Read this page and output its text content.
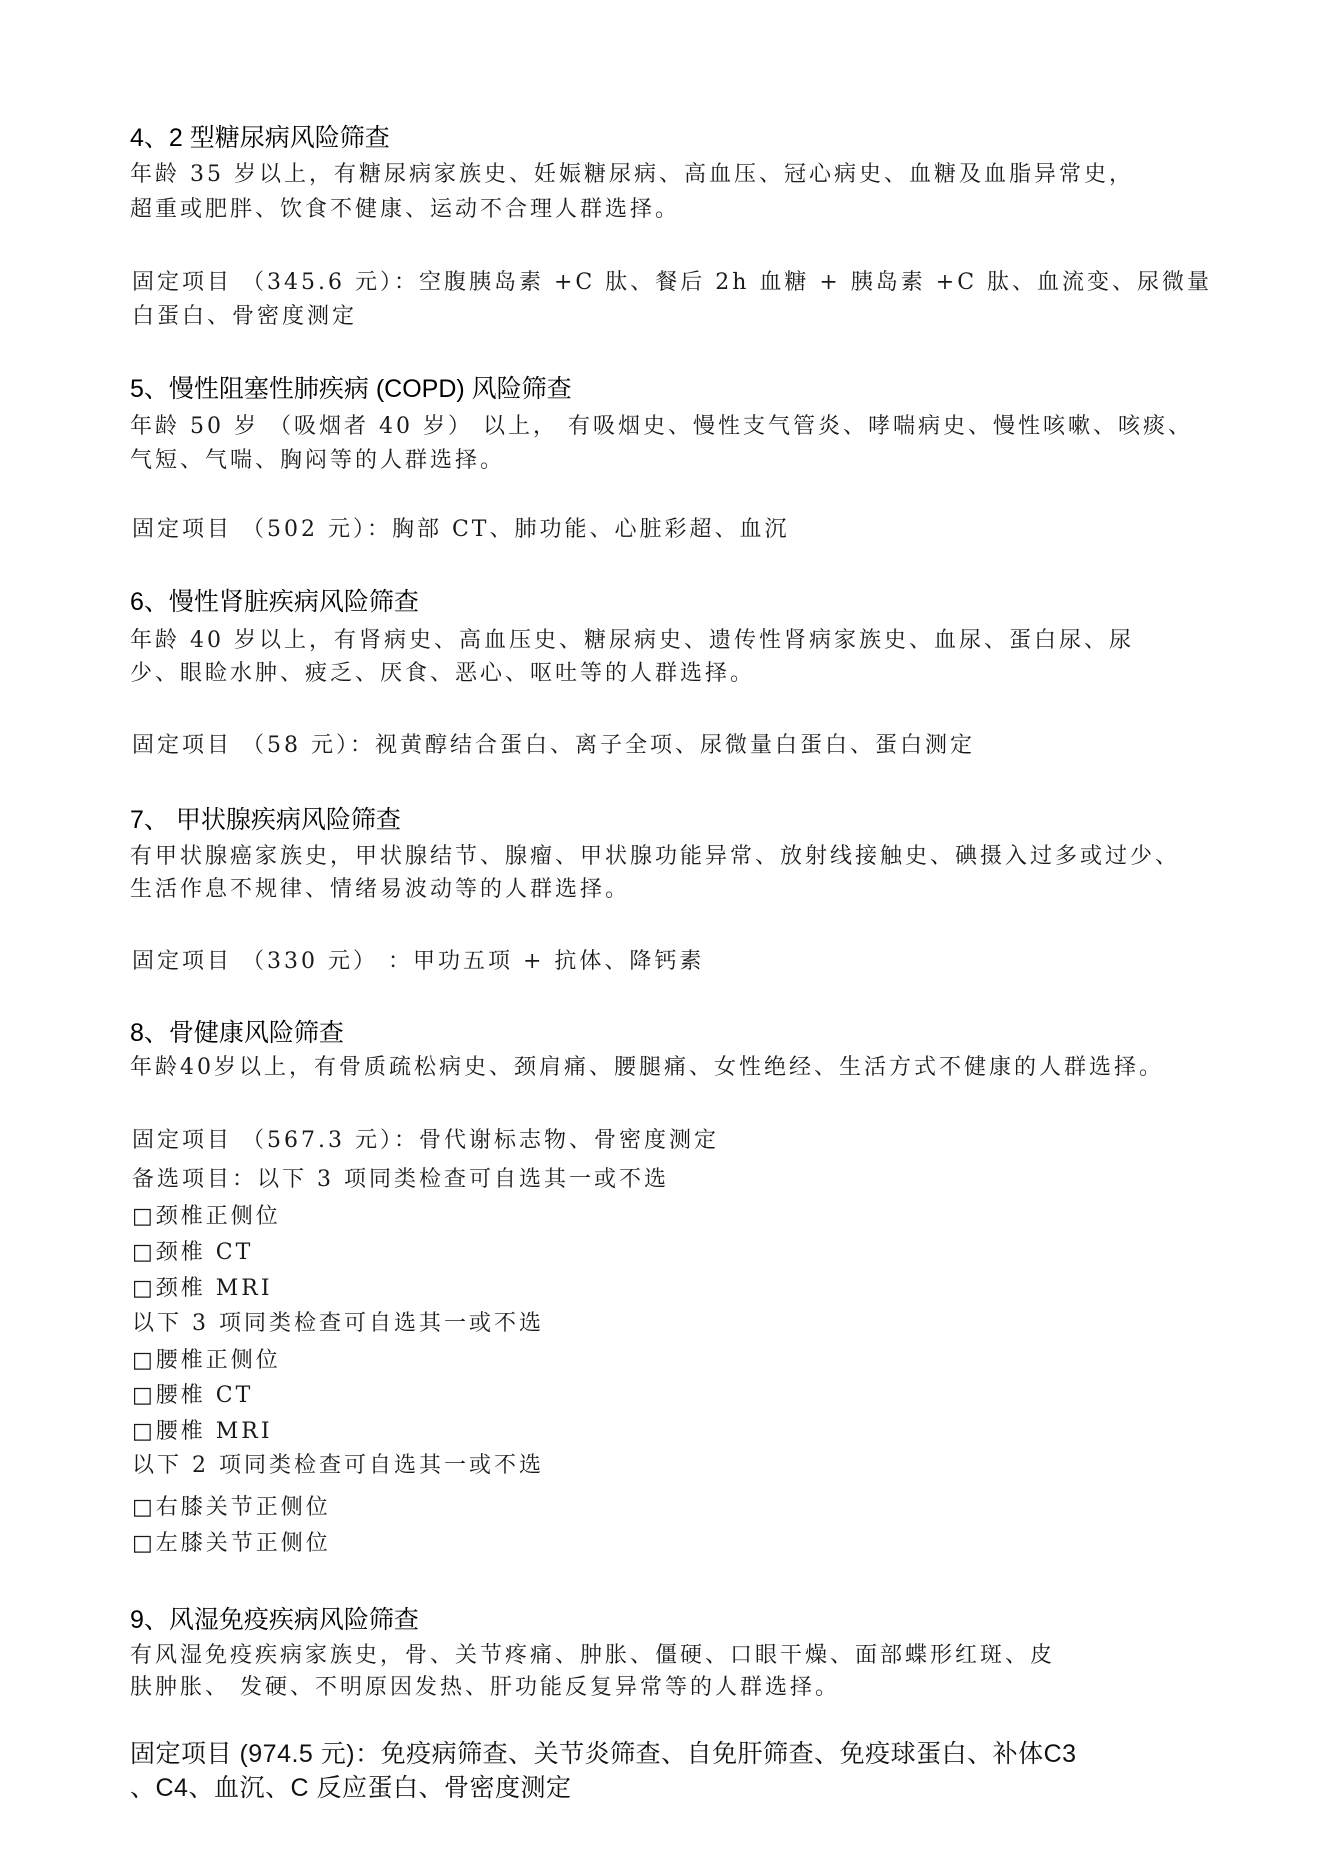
4、2 型糖尿病风险筛查
年龄 35 岁以上，有糖尿病家族史、妊娠糖尿病、高血压、冠心病史、血糖及血脂异常史，
超重或肥胖、饮食不健康、运动不合理人群选择。
固定项目 （345.6 元）：空腹胰岛素 +C 肽、餐后 2h 血糖 + 胰岛素 +C 肽、血流变、尿微量
白蛋白、骨密度测定
5、慢性阻塞性肺疾病 (COPD) 风险筛查
年龄 50 岁 （吸烟者 40 岁） 以上， 有吸烟史、慢性支气管炎、哮喘病史、慢性咳嗽、咳痰、
气短、气喘、胸闷等的人群选择。
固定项目 （502 元）：胸部 CT、肺功能、心脏彩超、血沉
6、慢性肾脏疾病风险筛查
年龄 40 岁以上，有肾病史、高血压史、糖尿病史、遗传性肾病家族史、血尿、蛋白尿、尿
少、眼睑水肿、疲乏、厌食、恶心、呕吐等的人群选择。
固定项目 （58 元）：视黄醇结合蛋白、离子全项、尿微量白蛋白、蛋白测定
7、 甲状腺疾病风险筛查
有甲状腺癌家族史，甲状腺结节、腺瘤、甲状腺功能异常、放射线接触史、碘摄入过多或过少、
生活作息不规律、情绪易波动等的人群选择。
固定项目 （330 元） ：甲功五项 + 抗体、降钙素
8、骨健康风险筛查
年龄40岁以上，有骨质疏松病史、颈肩痛、腰腿痛、女性绝经、生活方式不健康的人群选择。
固定项目 （567.3 元）：骨代谢标志物、骨密度测定
备选项目：以下 3 项同类检查可自选其一或不选
□颈椎正侧位
□颈椎 CT
□颈椎 MRI
以下 3 项同类检查可自选其一或不选
□腰椎正侧位
□腰椎 CT
□腰椎 MRI
以下 2 项同类检查可自选其一或不选
□右膝关节正侧位
□左膝关节正侧位
9、风湿免疫疾病风险筛查
有风湿免疫疾病家族史，骨、关节疼痛、肿胀、僵硬、口眼干燥、面部蝶形红斑、皮
肤肿胀、 发硬、不明原因发热、肝功能反复异常等的人群选择。
固定项目 (974.5 元)：免疫病筛查、关节炎筛查、自免肝筛查、免疫球蛋白、补体C3
、C4、血沉、C 反应蛋白、骨密度测定
